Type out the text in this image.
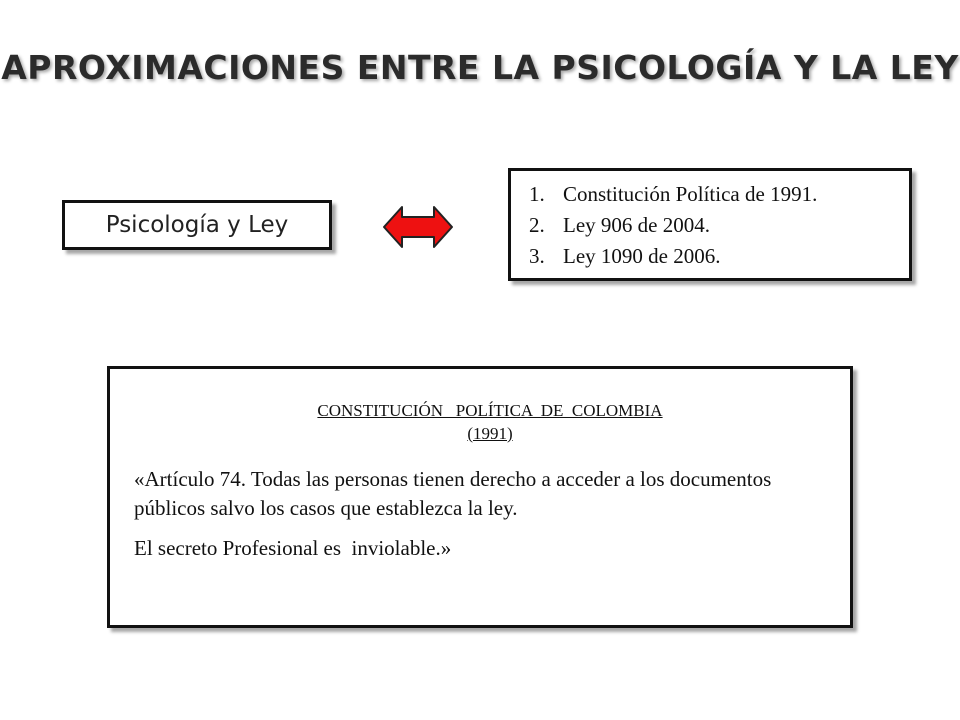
APROXIMACIONES ENTRE LA PSICOLOGÍA Y LA LEY
Psicología y Ley
1. Constitución Política de 1991.
2. Ley 906 de 2004.
3. Ley 1090 de 2006.
CONSTITUCIÓN   POLÍTICA  DE  COLOMBIA
(1991)
«Artículo 74. Todas las personas tienen derecho a acceder a los documentos públicos salvo los casos que establezca la ley.
El secreto Profesional es  inviolable.»
